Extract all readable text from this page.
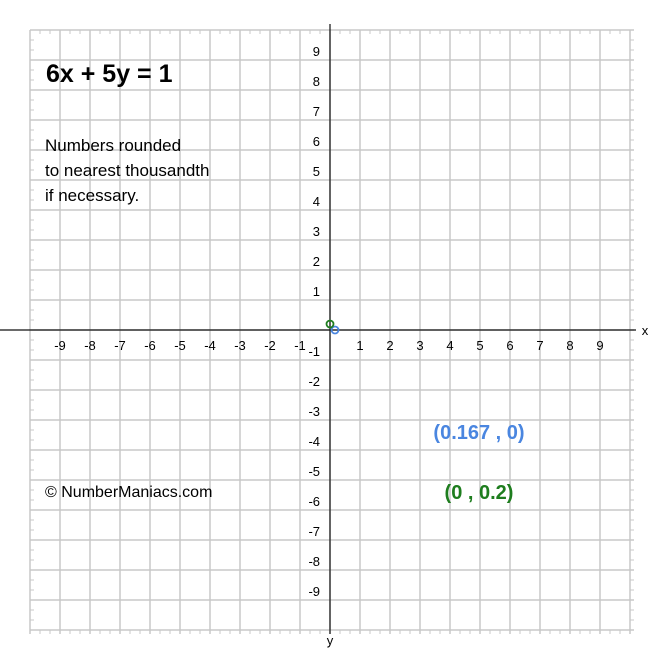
x
y
-9 -8 -7 -6 -5 -4 -3 -2 -1	1 2 3 4 5 6 7 8 9
9
8
7
6
5
4
3
2
1
-1
-2
-3
-4
-5
-6
-7
-8
-9
6x + 5y = 1
Numbers rounded
to nearest thousandth
if necessary.
© NumberManiacs.com
(0.167 , 0)
(0 , 0.2)
